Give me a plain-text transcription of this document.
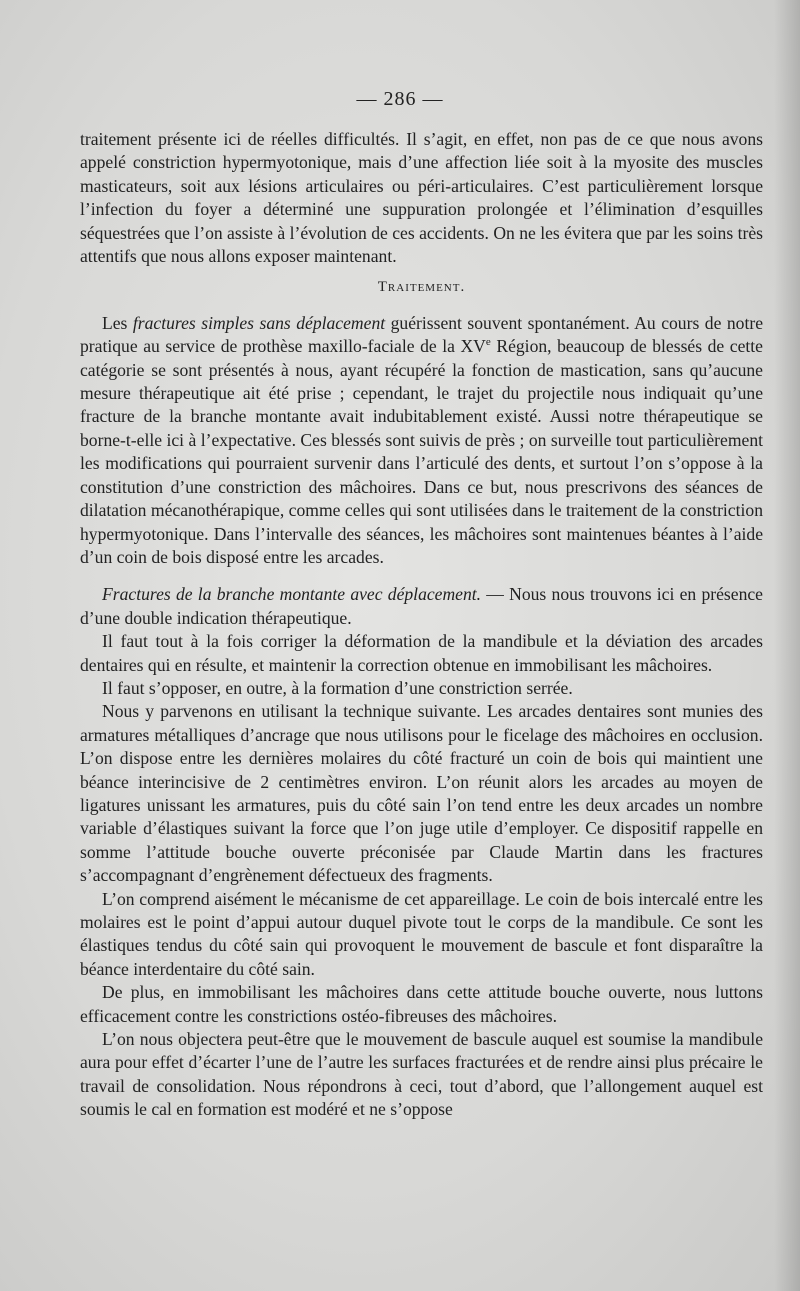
— 286 —

traitement présente ici de réelles difficultés. Il s’agit, en effet, non pas de ce que nous avons appelé constriction hypermyotonique, mais d’une affection liée soit à la myosite des muscles masticateurs, soit aux lésions articulaires ou péri-articulaires. C’est particulièrement lorsque l’infection du foyer a déterminé une suppuration prolongée et l’élimination d’esquilles séquestrées que l’on assiste à l’évolution de ces accidents. On ne les évitera que par les soins très attentifs que nous allons exposer maintenant.

Traitement.

Les fractures simples sans déplacement guérissent souvent spontanément. Au cours de notre pratique au service de prothèse maxillo-faciale de la XVe Région, beaucoup de blessés de cette catégorie se sont présentés à nous, ayant récupéré la fonction de mastication, sans qu’aucune mesure thérapeutique ait été prise ; cependant, le trajet du projectile nous indiquait qu’une fracture de la branche montante avait indubitablement existé. Aussi notre thérapeutique se borne-t-elle ici à l’expectative. Ces blessés sont suivis de près ; on surveille tout particulièrement les modifications qui pourraient survenir dans l’articulé des dents, et surtout l’on s’oppose à la constitution d’une constriction des mâchoires. Dans ce but, nous prescrivons des séances de dilatation mécanothérapique, comme celles qui sont utilisées dans le traitement de la constriction hypermyotonique. Dans l’intervalle des séances, les mâchoires sont maintenues béantes à l’aide d’un coin de bois disposé entre les arcades.

Fractures de la branche montante avec déplacement. — Nous nous trouvons ici en présence d’une double indication thérapeutique.

Il faut tout à la fois corriger la déformation de la mandibule et la déviation des arcades dentaires qui en résulte, et maintenir la correction obtenue en immobilisant les mâchoires.

Il faut s’opposer, en outre, à la formation d’une constriction serrée.

Nous y parvenons en utilisant la technique suivante. Les arcades dentaires sont munies des armatures métalliques d’ancrage que nous utilisons pour le ficelage des mâchoires en occlusion. L’on dispose entre les dernières molaires du côté fracturé un coin de bois qui maintient une béance interincisive de 2 centimètres environ. L’on réunit alors les arcades au moyen de ligatures unissant les armatures, puis du côté sain l’on tend entre les deux arcades un nombre variable d’élastiques suivant la force que l’on juge utile d’employer. Ce dispositif rappelle en somme l’attitude bouche ouverte préconisée par Claude Martin dans les fractures s’accompagnant d’engrènement défectueux des fragments.

L’on comprend aisément le mécanisme de cet appareillage. Le coin de bois intercalé entre les molaires est le point d’appui autour duquel pivote tout le corps de la mandibule. Ce sont les élastiques tendus du côté sain qui provoquent le mouvement de bascule et font disparaître la béance interdentaire du côté sain.

De plus, en immobilisant les mâchoires dans cette attitude bouche ouverte, nous luttons efficacement contre les constrictions ostéo-fibreuses des mâchoires.

L’on nous objectera peut-être que le mouvement de bascule auquel est soumise la mandibule aura pour effet d’écarter l’une de l’autre les surfaces fracturées et de rendre ainsi plus précaire le travail de consolidation. Nous répondrons à ceci, tout d’abord, que l’allongement auquel est soumis le cal en formation est modéré et ne s’oppose
